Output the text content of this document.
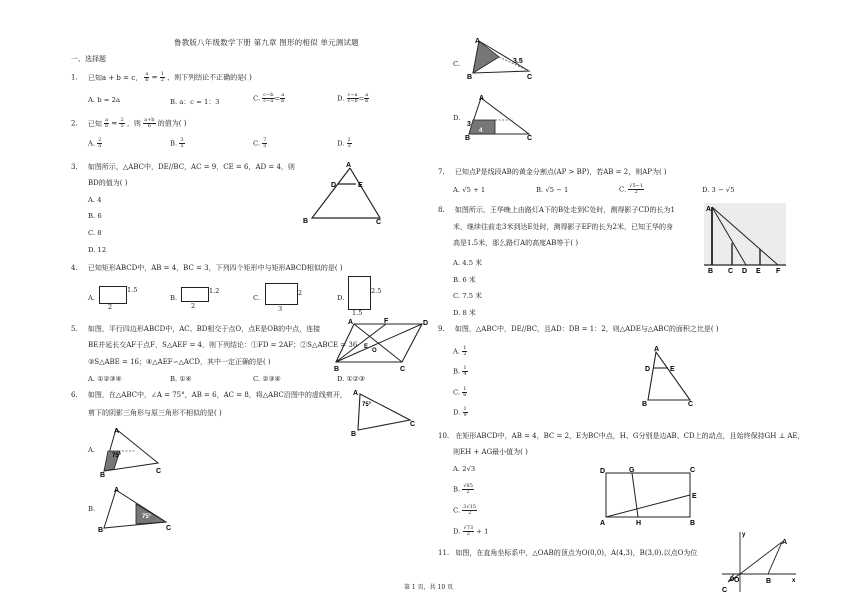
鲁教版八年级数学下册 第九章 图形的相似 单元测试题
一、选择题
1. 已知a + b = c， $\frac{a}{b} = \frac{1}{2}$ ，则下列结论不正确的是( )
A. b = 2a	B. a：c = 1：3	C. $\frac{c-b}{c-a} = \frac{a}{b}$	D. $\frac{c-a}{c-b} = \frac{a}{b}$
2. 已知 $\frac{a}{b} = \frac{2}{5}$ ，则 $\frac{a+b}{b}$ 的值为( )
A. $\frac{2}{5}$	B. $\frac{3}{5}$	C. $\frac{7}{5}$	D. $\frac{2}{3}$
3. 如图所示，△ABC中，DE//BC，AC = 9，CE = 6，AD = 4，则
BD的值为( )
A. 4
B. 6
C. 8
D. 12
A
D	E
B	C
4. 已知矩形ABCD中，AB = 4，BC = 3，下列四个矩形中与矩形ABCD相似的是( )
A.
1.5
2
B.
1.2
2
C.
2
3
D.
2.5
1.5
5. 如图，平行四边形ABCD中，AC、BD相交于点O，点E是OB的中点，连接
BE并延长交AF于点F，S△AEF = 4，则下列结论：①FD = 2AF；②S△ABCE = 36
③S△ABE = 16；④△AEF∽△ACD，其中一定正确的是( )
A. ①②③④	B. ①④	C. ②③④	D. ①②③
A	F	D
E
O
B	C
6. 如图，在△ABC中，∠A = 75°，AB = 6，AC = 8，将△ABC沿图中的虚线剪开，
剪下的阴影三角形与原三角形不相似的是( )
A
75°
B
C
A.
A
75°
B
C
B.
A
75°
B	C
C.
A
3.5
B	C
D.
A
3
4
B	C
7. 已知点P是线段AB的黄金分割点(AP > BP)，若AB = 2，则AP为( )
A. √5 + 1	B. √5 − 1	C. $\frac{√5-1}{2}$	D. 3 − √5
8. 如图所示，王华晚上由路灯A下的B处走到C处时，测得影子CD的长为1
米，继续往前走3米到达E处时，测得影子EF的长为2米，已知王华的身
高是1.5米，那么路灯A的高度AB等于( )
A. 4.5 米
B. 6 米
C. 7.5 米
D. 8 米
A
B C D E F
9. 如图，△ABC中，DE//BC，且AD：DB = 1：2，则△ADE与△ABC的面积之比是( )
A. $\frac{1}{2}$
B. $\frac{1}{4}$
C. $\frac{1}{6}$
D. $\frac{1}{9}$
A
D	E
B	C
10. 在矩形ABCD中，AB = 4，BC = 2，E为BC中点，H、G分别是边AB、CD上的动点，且始终保持GH ⊥ AE，
则EH + AG最小值为( )
A. 2√3
B. $\frac{√85}{2}$
C. $\frac{3√15}{2}$
D. $\frac{√73}{2} + 1$
D	G	C
E
A	H	B
11. 如图，在直角坐标系中，△OAB的顶点为O(0,0)，A(4,3)，B(3,0).以点O为位
y
x
A
O	B
D
C
第 1 页，共 10 页
